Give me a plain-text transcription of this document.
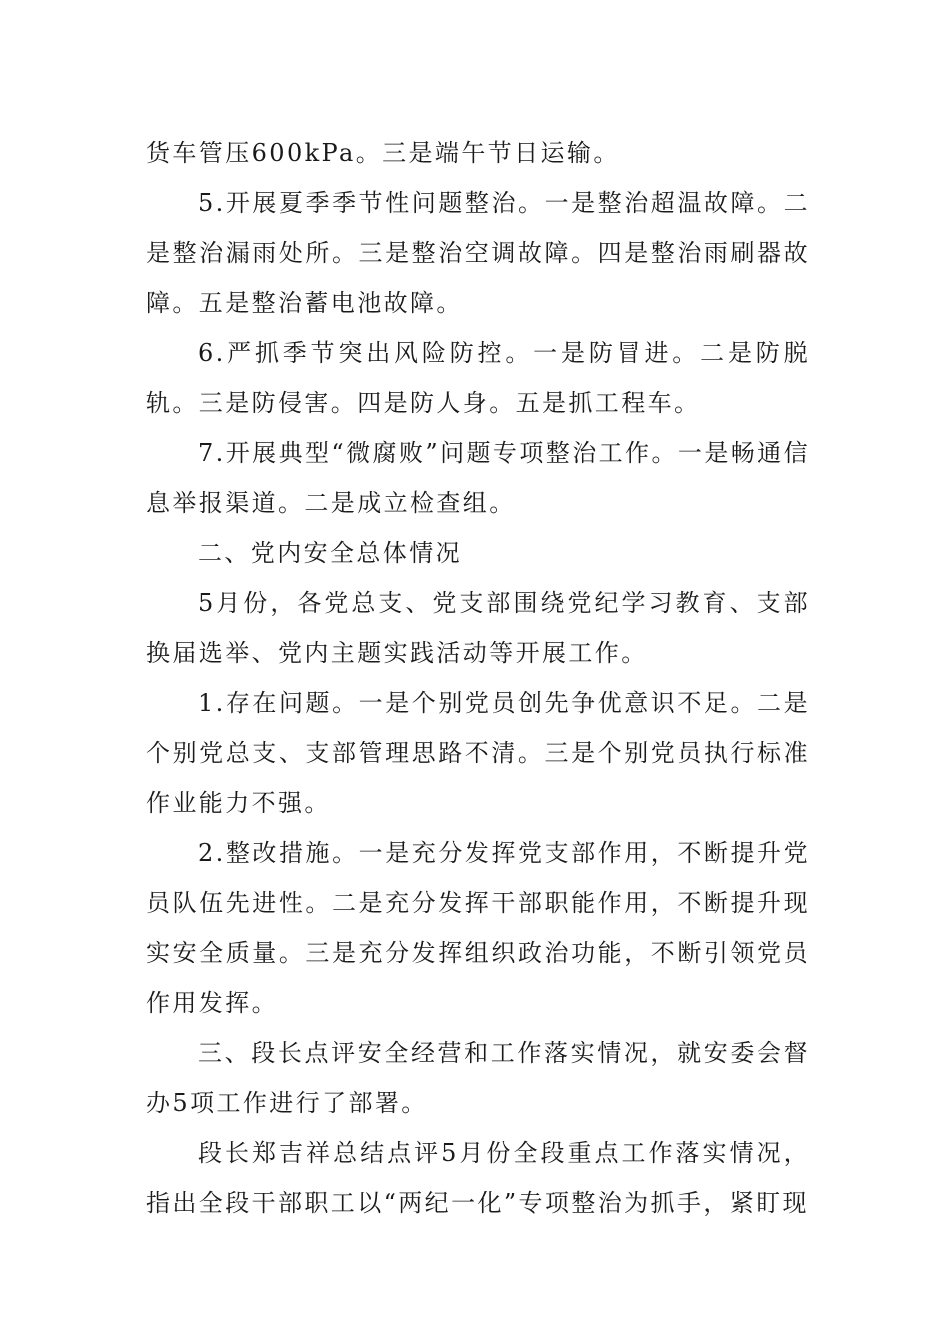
货车管压600kPa。三是端午节日运输。

5.开展夏季季节性问题整治。一是整治超温故障。二是整治漏雨处所。三是整治空调故障。四是整治雨刷器故障。五是整治蓄电池故障。

6.严抓季节突出风险防控。一是防冒进。二是防脱轨。三是防侵害。四是防人身。五是抓工程车。

7.开展典型“微腐败”问题专项整治工作。一是畅通信息举报渠道。二是成立检查组。

二、党内安全总体情况

5月份，各党总支、党支部围绕党纪学习教育、支部换届选举、党内主题实践活动等开展工作。

1.存在问题。一是个别党员创先争优意识不足。二是个别党总支、支部管理思路不清。三是个别党员执行标准作业能力不强。

2.整改措施。一是充分发挥党支部作用，不断提升党员队伍先进性。二是充分发挥干部职能作用，不断提升现实安全质量。三是充分发挥组织政治功能，不断引领党员作用发挥。

三、段长点评安全经营和工作落实情况，就安委会督办5项工作进行了部署。

段长郑吉祥总结点评5月份全段重点工作落实情况，指出全段干部职工以“两纪一化”专项整治为抓手，紧盯现
